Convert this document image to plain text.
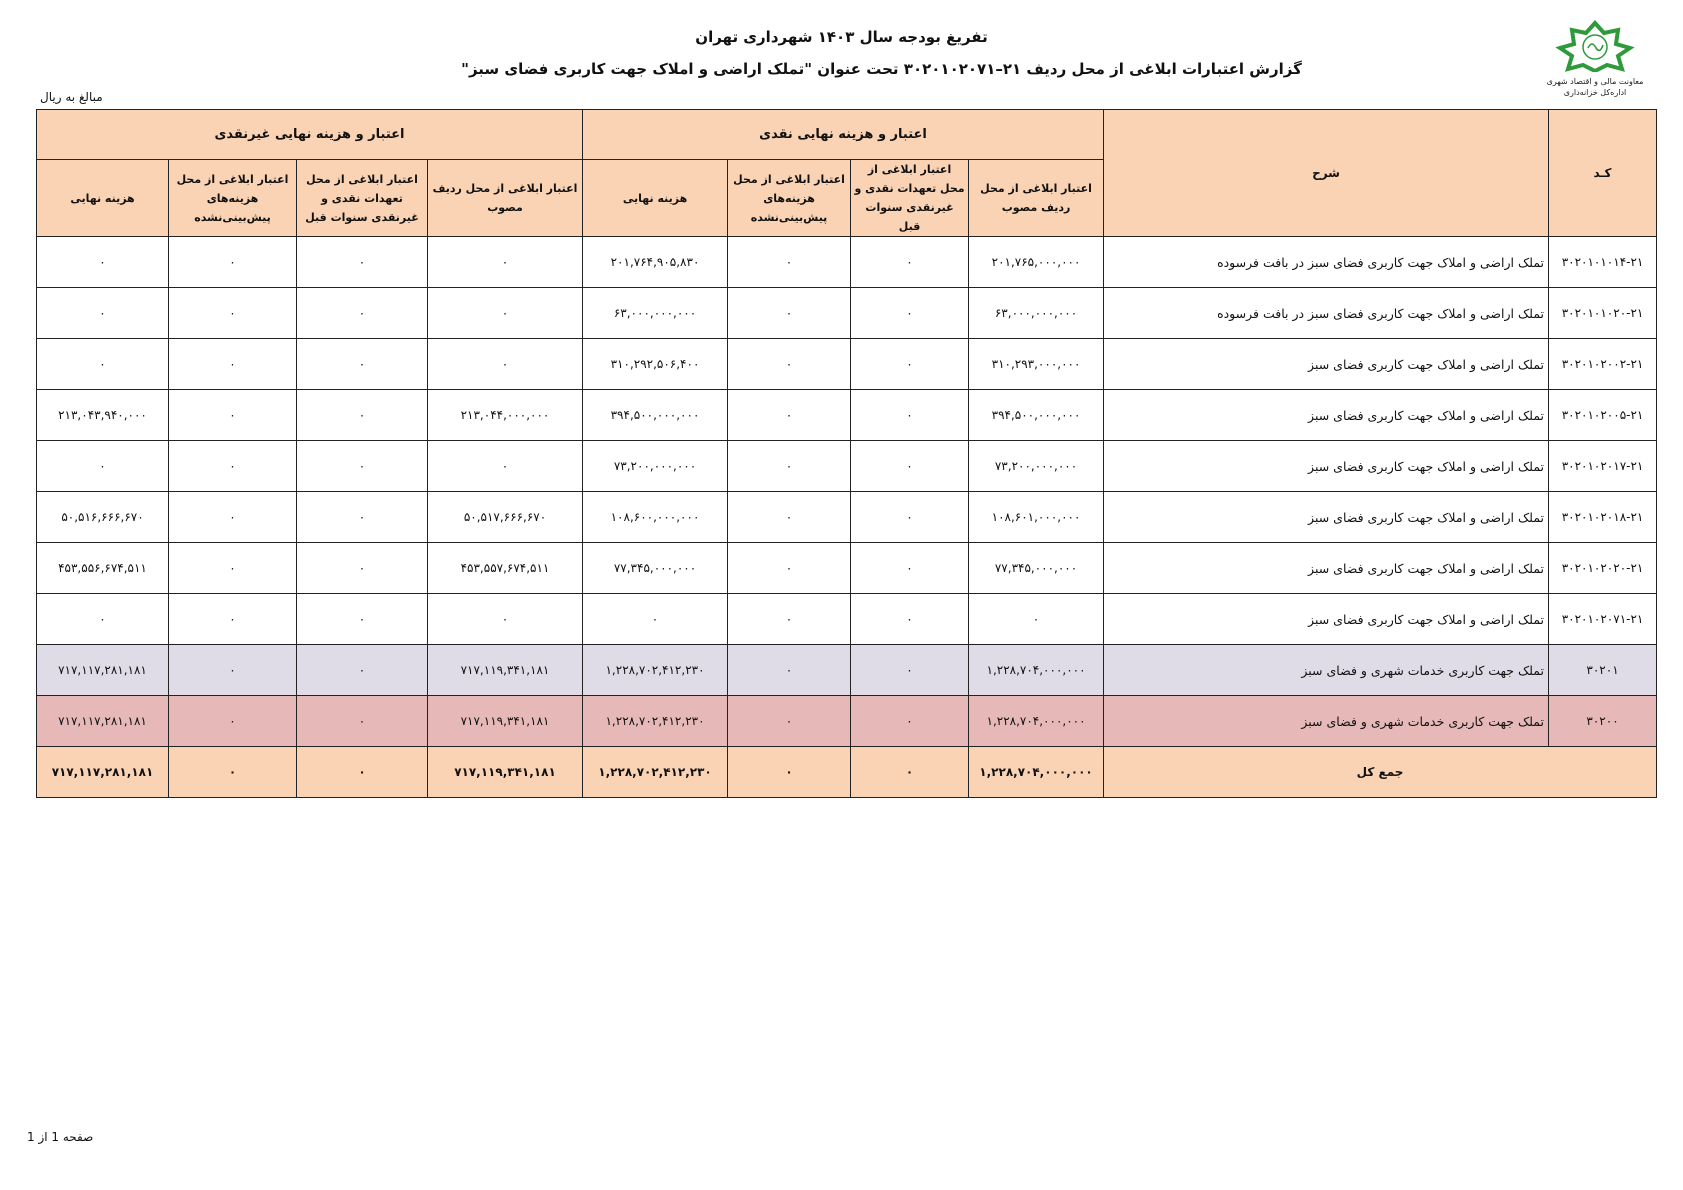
تفریغ بودجه سال ۱۴۰۳ شهرداری تهران
گزارش اعتبارات ابلاغی از محل ردیف ۲۱–۳۰۲۰۱۰۲۰۷۱ تحت عنوان "تملک اراضی و املاک جهت کاربری فضای سبز"
مبالغ به ریال
معاونت مالی و اقتصاد شهری
اداره‌کل خزانه‌داری
کـد	شرح	اعتبار و هزینه نهایی نقدی				اعتبار و هزینه نهایی غیرنقدی			
		اعتبار ابلاغی از محل ردیف مصوب	اعتبار ابلاغی از محل تعهدات نقدی و غیرنقدی سنوات قبل	اعتبار ابلاغی از محل هزینه‌های پیش‌بینی‌نشده	هزینه نهایی	اعتبار ابلاغی از محل ردیف مصوب	اعتبار ابلاغی از محل تعهدات نقدی و غیرنقدی سنوات قبل	اعتبار ابلاغی از محل هزینه‌های پیش‌بینی‌نشده	هزینه نهایی
۳۰۲۰۱۰۱۰۱۴-۲۱	تملک اراضی و املاک جهت کاربری فضای سبز در بافت فرسوده	۲۰۱,۷۶۵,۰۰۰,۰۰۰	۰	۰	۲۰۱,۷۶۴,۹۰۵,۸۳۰	۰	۰	۰	۰
۳۰۲۰۱۰۱۰۲۰-۲۱	تملک اراضی و املاک جهت کاربری فضای سبز در بافت فرسوده	۶۳,۰۰۰,۰۰۰,۰۰۰	۰	۰	۶۳,۰۰۰,۰۰۰,۰۰۰	۰	۰	۰	۰
۳۰۲۰۱۰۲۰۰۲-۲۱	تملک اراضی و املاک جهت کاربری فضای سبز	۳۱۰,۲۹۳,۰۰۰,۰۰۰	۰	۰	۳۱۰,۲۹۲,۵۰۶,۴۰۰	۰	۰	۰	۰
۳۰۲۰۱۰۲۰۰۵-۲۱	تملک اراضی و املاک جهت کاربری فضای سبز	۳۹۴,۵۰۰,۰۰۰,۰۰۰	۰	۰	۳۹۴,۵۰۰,۰۰۰,۰۰۰	۲۱۳,۰۴۴,۰۰۰,۰۰۰	۰	۰	۲۱۳,۰۴۳,۹۴۰,۰۰۰
۳۰۲۰۱۰۲۰۱۷-۲۱	تملک اراضی و املاک جهت کاربری فضای سبز	۷۳,۲۰۰,۰۰۰,۰۰۰	۰	۰	۷۳,۲۰۰,۰۰۰,۰۰۰	۰	۰	۰	۰
۳۰۲۰۱۰۲۰۱۸-۲۱	تملک اراضی و املاک جهت کاربری فضای سبز	۱۰۸,۶۰۱,۰۰۰,۰۰۰	۰	۰	۱۰۸,۶۰۰,۰۰۰,۰۰۰	۵۰,۵۱۷,۶۶۶,۶۷۰	۰	۰	۵۰,۵۱۶,۶۶۶,۶۷۰
۳۰۲۰۱۰۲۰۲۰-۲۱	تملک اراضی و املاک جهت کاربری فضای سبز	۷۷,۳۴۵,۰۰۰,۰۰۰	۰	۰	۷۷,۳۴۵,۰۰۰,۰۰۰	۴۵۳,۵۵۷,۶۷۴,۵۱۱	۰	۰	۴۵۳,۵۵۶,۶۷۴,۵۱۱
۳۰۲۰۱۰۲۰۷۱-۲۱	تملک اراضی و املاک جهت کاربری فضای سبز	۰	۰	۰	۰	۰	۰	۰	۰
۳۰۲۰۱	تملک جهت کاربری خدمات شهری و فضای سبز	۱,۲۲۸,۷۰۴,۰۰۰,۰۰۰	۰	۰	۱,۲۲۸,۷۰۲,۴۱۲,۲۳۰	۷۱۷,۱۱۹,۳۴۱,۱۸۱	۰	۰	۷۱۷,۱۱۷,۲۸۱,۱۸۱
۳۰۲۰۰	تملک جهت کاربری خدمات شهری و فضای سبز	۱,۲۲۸,۷۰۴,۰۰۰,۰۰۰	۰	۰	۱,۲۲۸,۷۰۲,۴۱۲,۲۳۰	۷۱۷,۱۱۹,۳۴۱,۱۸۱	۰	۰	۷۱۷,۱۱۷,۲۸۱,۱۸۱
جمع کل		۱,۲۲۸,۷۰۴,۰۰۰,۰۰۰	۰	۰	۱,۲۲۸,۷۰۲,۴۱۲,۲۳۰	۷۱۷,۱۱۹,۳۴۱,۱۸۱	۰	۰	۷۱۷,۱۱۷,۲۸۱,۱۸۱
صفحه 1 از 1
